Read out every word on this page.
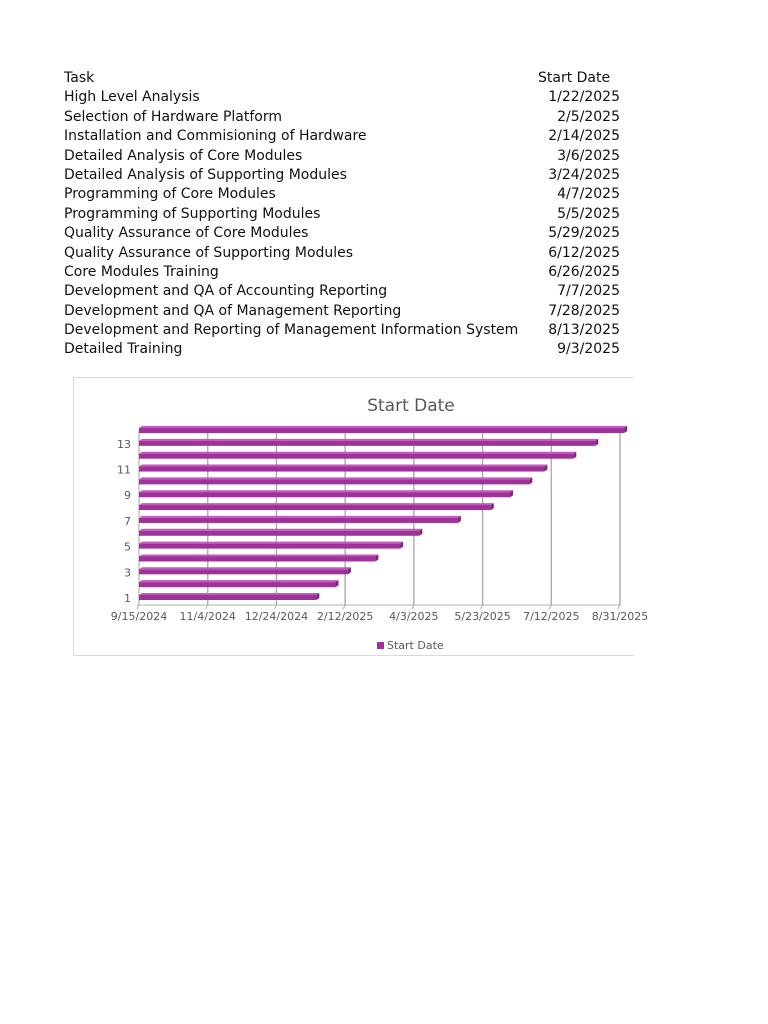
Task	Start Date
High Level Analysis	1/22/2025
Selection of Hardware Platform	2/5/2025
Installation and Commisioning of Hardware	2/14/2025
Detailed Analysis of Core Modules	3/6/2025
Detailed Analysis of Supporting Modules	3/24/2025
Programming of Core Modules	4/7/2025
Programming of Supporting Modules	5/5/2025
Quality Assurance of Core Modules	5/29/2025
Quality Assurance of Supporting Modules	6/12/2025
Core Modules Training	6/26/2025
Development and QA of Accounting Reporting	7/7/2025
Development and QA of Management Reporting	7/28/2025
Development and Reporting of Management Information System	8/13/2025
Detailed Training	9/3/2025
Start Date
9/15/2024 11/4/2024 12/24/2024 2/12/2025 4/3/2025 5/23/2025 7/12/2025 8/31/2025
1
3
5
7
9
11
13
Start Date
